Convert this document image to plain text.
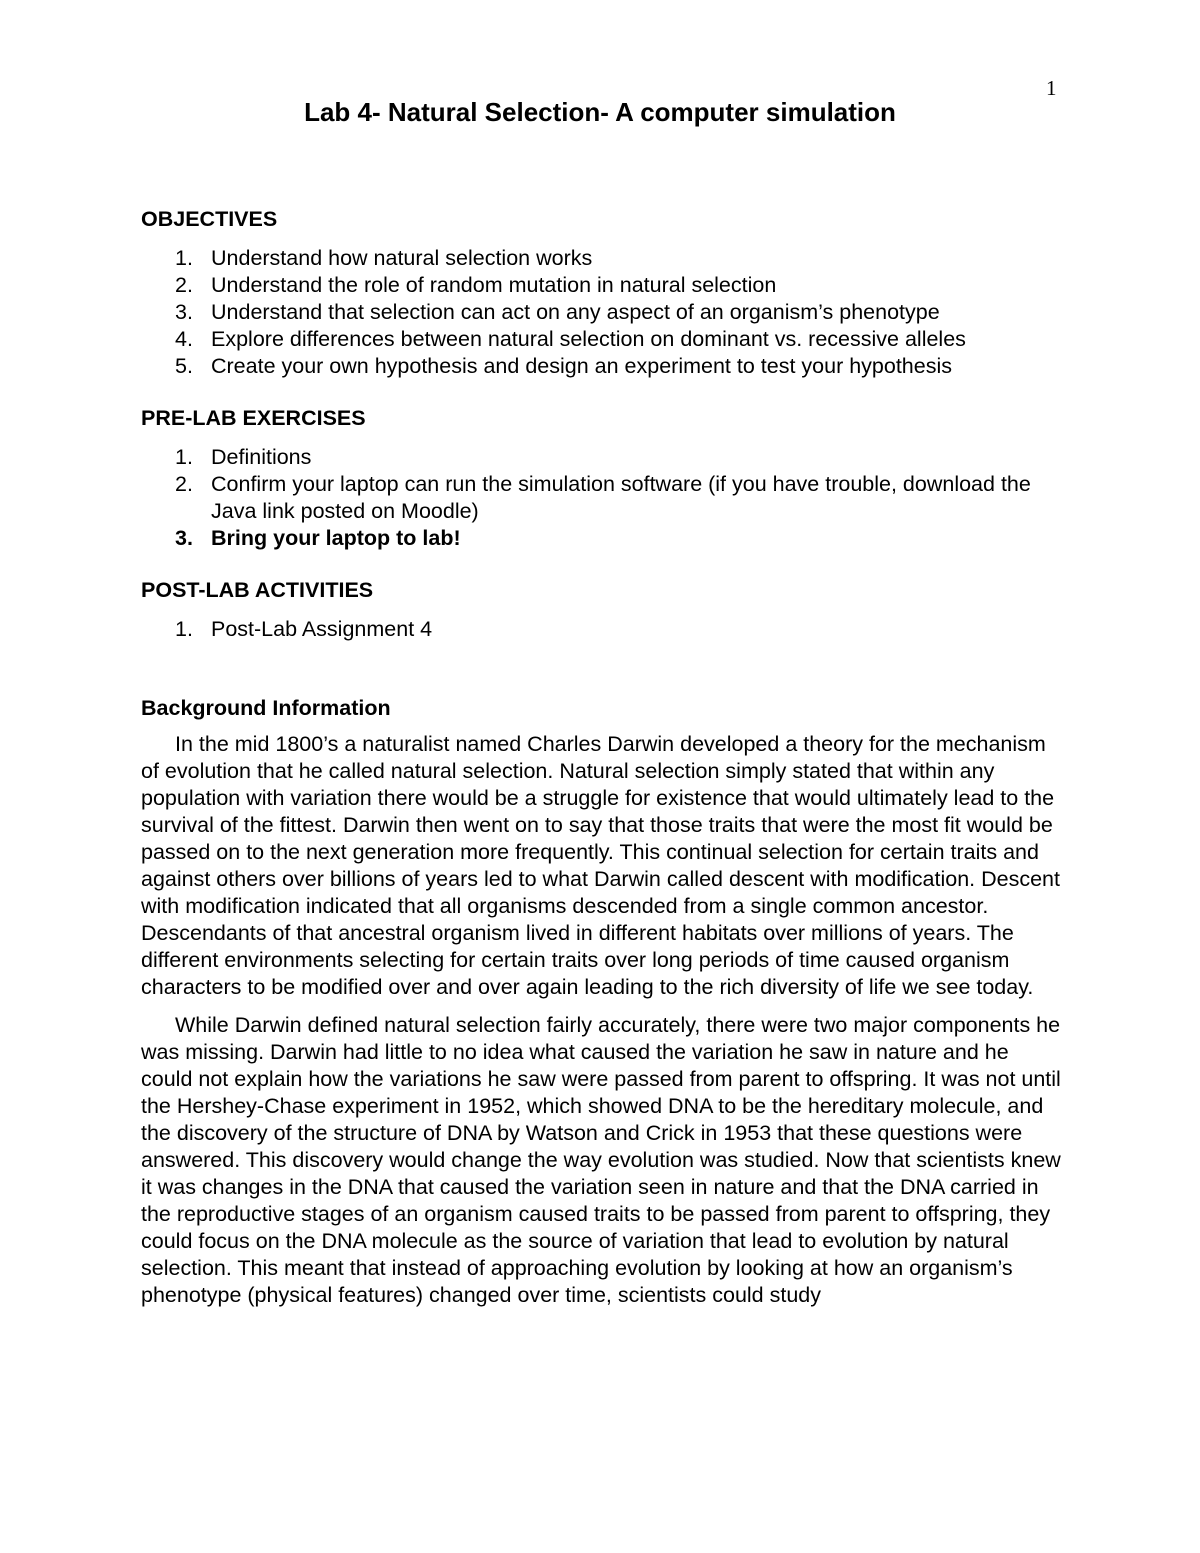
1
Lab 4- Natural Selection- A computer simulation
OBJECTIVES
1. Understand how natural selection works
2. Understand the role of random mutation in natural selection
3. Understand that selection can act on any aspect of an organism’s phenotype
4. Explore differences between natural selection on dominant vs. recessive alleles
5. Create your own hypothesis and design an experiment to test your hypothesis
PRE-LAB EXERCISES
1. Definitions
2. Confirm your laptop can run the simulation software (if you have trouble, download the Java link posted on Moodle)
3. Bring your laptop to lab!
POST-LAB ACTIVITIES
1. Post-Lab Assignment 4
Background Information

In the mid 1800’s a naturalist named Charles Darwin developed a theory for the mechanism of evolution that he called natural selection. Natural selection simply stated that within any population with variation there would be a struggle for existence that would ultimately lead to the survival of the fittest. Darwin then went on to say that those traits that were the most fit would be passed on to the next generation more frequently. This continual selection for certain traits and against others over billions of years led to what Darwin called descent with modification. Descent with modification indicated that all organisms descended from a single common ancestor. Descendants of that ancestral organism lived in different habitats over millions of years. The different environments selecting for certain traits over long periods of time caused organism characters to be modified over and over again leading to the rich diversity of life we see today.

While Darwin defined natural selection fairly accurately, there were two major components he was missing. Darwin had little to no idea what caused the variation he saw in nature and he could not explain how the variations he saw were passed from parent to offspring. It was not until the Hershey-Chase experiment in 1952, which showed DNA to be the hereditary molecule, and the discovery of the structure of DNA by Watson and Crick in 1953 that these questions were answered. This discovery would change the way evolution was studied. Now that scientists knew it was changes in the DNA that caused the variation seen in nature and that the DNA carried in the reproductive stages of an organism caused traits to be passed from parent to offspring, they could focus on the DNA molecule as the source of variation that lead to evolution by natural selection. This meant that instead of approaching evolution by looking at how an organism’s phenotype (physical features) changed over time, scientists could study
